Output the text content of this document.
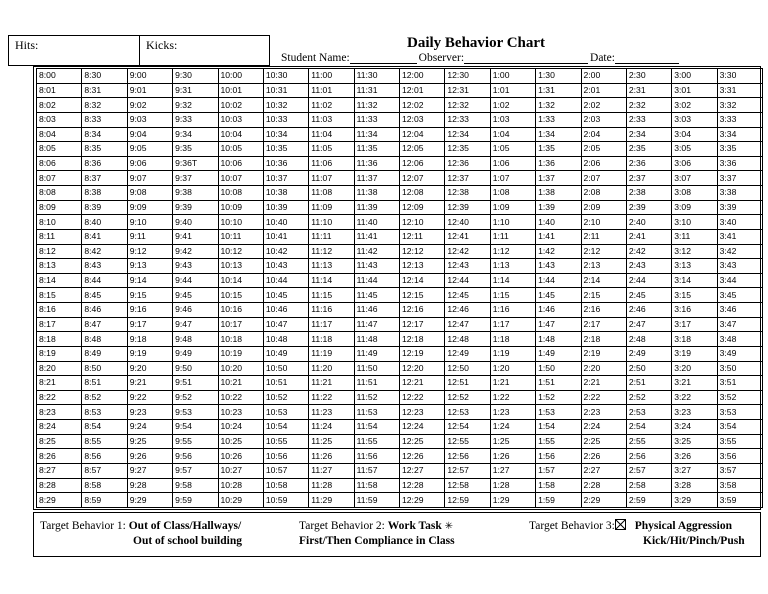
Hits:	Kicks:	Daily Behavior Chart
Student Name:	Observer:	Date:
8:00	8:30	9:00	9:30	10:00	10:30	11:00	11:30	12:00	12:30	1:00	1:30	2:00	2:30	3:00	3:30
8:01	8:31	9:01	9:31	10:01	10:31	11:01	11:31	12:01	12:31	1:01	1:31	2:01	2:31	3:01	3:31
8:02	8:32	9:02	9:32	10:02	10:32	11:02	11:32	12:02	12:32	1:02	1:32	2:02	2:32	3:02	3:32
8:03	8:33	9:03	9:33	10:03	10:33	11:03	11:33	12:03	12:33	1:03	1:33	2:03	2:33	3:03	3:33
8:04	8:34	9:04	9:34	10:04	10:34	11:04	11:34	12:04	12:34	1:04	1:34	2:04	2:34	3:04	3:34
8:05	8:35	9:05	9:35	10:05	10:35	11:05	11:35	12:05	12:35	1:05	1:35	2:05	2:35	3:05	3:35
8:06	8:36	9:06	9:36T	10:06	10:36	11:06	11:36	12:06	12:36	1:06	1:36	2:06	2:36	3:06	3:36
8:07	8:37	9:07	9:37	10:07	10:37	11:07	11:37	12:07	12:37	1:07	1:37	2:07	2:37	3:07	3:37
8:08	8:38	9:08	9:38	10:08	10:38	11:08	11:38	12:08	12:38	1:08	1:38	2:08	2:38	3:08	3:38
8:09	8:39	9:09	9:39	10:09	10:39	11:09	11:39	12:09	12:39	1:09	1:39	2:09	2:39	3:09	3:39
8:10	8:40	9:10	9:40	10:10	10:40	11:10	11:40	12:10	12:40	1:10	1:40	2:10	2:40	3:10	3:40
8:11	8:41	9:11	9:41	10:11	10:41	11:11	11:41	12:11	12:41	1:11	1:41	2:11	2:41	3:11	3:41
8:12	8:42	9:12	9:42	10:12	10:42	11:12	11:42	12:12	12:42	1:12	1:42	2:12	2:42	3:12	3:42
8:13	8:43	9:13	9:43	10:13	10:43	11:13	11:43	12:13	12:43	1:13	1:43	2:13	2:43	3:13	3:43
8:14	8:44	9:14	9:44	10:14	10:44	11:14	11:44	12:14	12:44	1:14	1:44	2:14	2:44	3:14	3:44
8:15	8:45	9:15	9:45	10:15	10:45	11:15	11:45	12:15	12:45	1:15	1:45	2:15	2:45	3:15	3:45
8:16	8:46	9:16	9:46	10:16	10:46	11:16	11:46	12:16	12:46	1:16	1:46	2:16	2:46	3:16	3:46
8:17	8:47	9:17	9:47	10:17	10:47	11:17	11:47	12:17	12:47	1:17	1:47	2:17	2:47	3:17	3:47
8:18	8:48	9:18	9:48	10:18	10:48	11:18	11:48	12:18	12:48	1:18	1:48	2:18	2:48	3:18	3:48
8:19	8:49	9:19	9:49	10:19	10:49	11:19	11:49	12:19	12:49	1:19	1:49	2:19	2:49	3:19	3:49
8:20	8:50	9:20	9:50	10:20	10:50	11:20	11:50	12:20	12:50	1:20	1:50	2:20	2:50	3:20	3:50
8:21	8:51	9:21	9:51	10:21	10:51	11:21	11:51	12:21	12:51	1:21	1:51	2:21	2:51	3:21	3:51
8:22	8:52	9:22	9:52	10:22	10:52	11:22	11:52	12:22	12:52	1:22	1:52	2:22	2:52	3:22	3:52
8:23	8:53	9:23	9:53	10:23	10:53	11:23	11:53	12:23	12:53	1:23	1:53	2:23	2:53	3:23	3:53
8:24	8:54	9:24	9:54	10:24	10:54	11:24	11:54	12:24	12:54	1:24	1:54	2:24	2:54	3:24	3:54
8:25	8:55	9:25	9:55	10:25	10:55	11:25	11:55	12:25	12:55	1:25	1:55	2:25	2:55	3:25	3:55
8:26	8:56	9:26	9:56	10:26	10:56	11:26	11:56	12:26	12:56	1:26	1:56	2:26	2:56	3:26	3:56
8:27	8:57	9:27	9:57	10:27	10:57	11:27	11:57	12:27	12:57	1:27	1:57	2:27	2:57	3:27	3:57
8:28	8:58	9:28	9:58	10:28	10:58	11:28	11:58	12:28	12:58	1:28	1:58	2:28	2:58	3:28	3:58
8:29	8:59	9:29	9:59	10:29	10:59	11:29	11:59	12:29	12:59	1:29	1:59	2:29	2:59	3:29	3:59
Target Behavior 1: Out of Class/Hallways/
Out of school building
Target Behavior 2: Work Task ✳
First/Then Compliance in Class
Target Behavior 3: Physical Aggression
Kick/Hit/Pinch/Push
